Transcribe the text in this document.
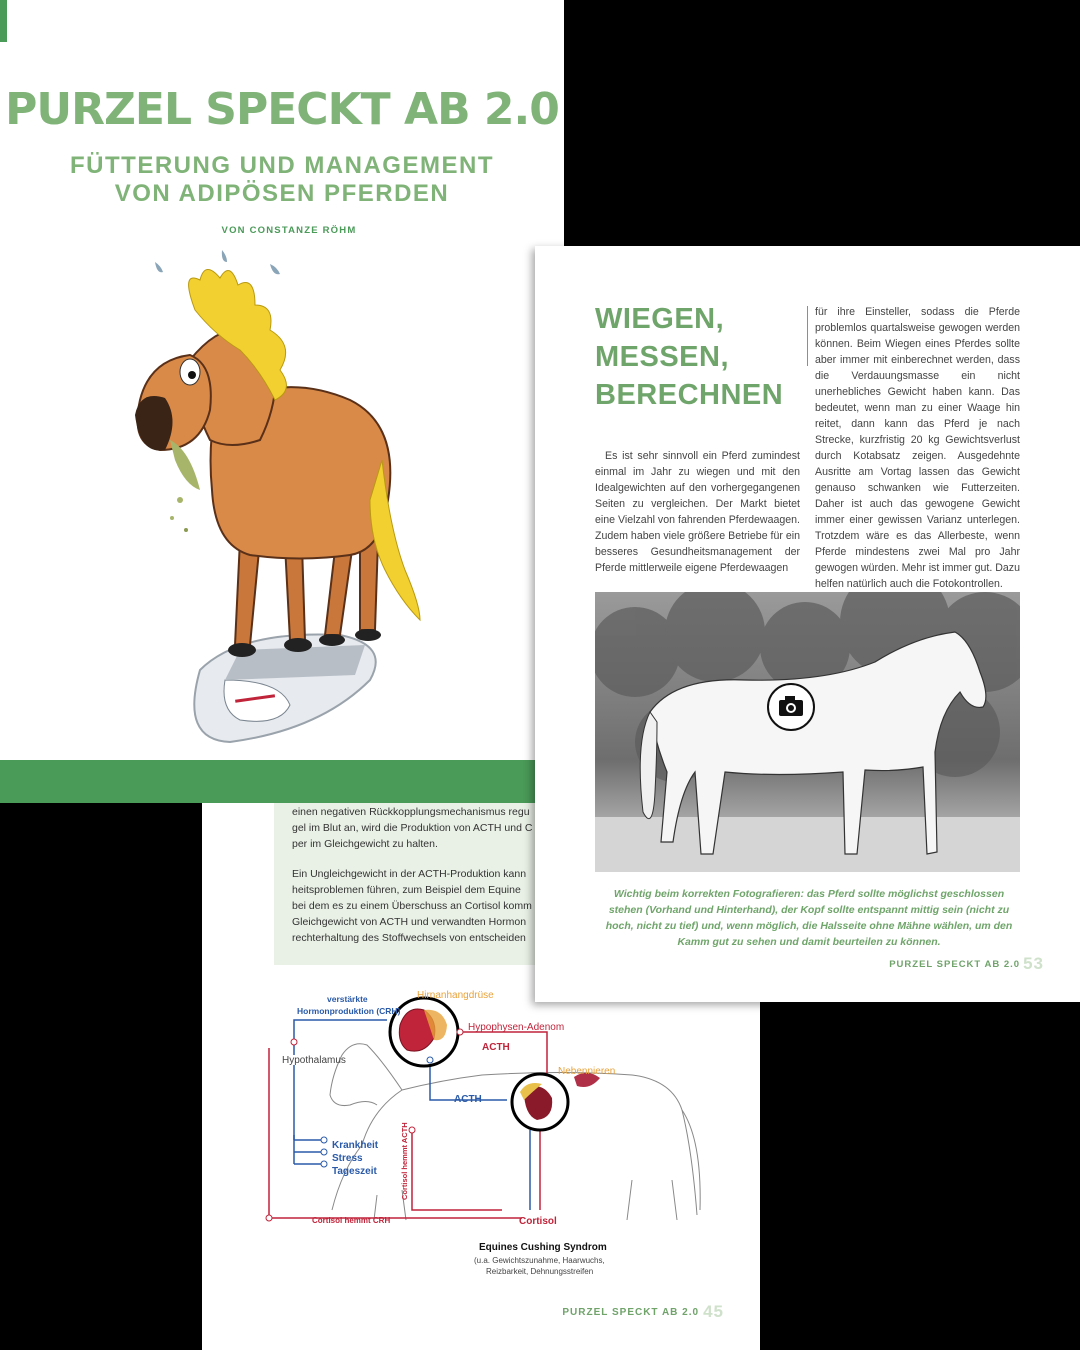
einen negativen Rückkopplungsmechanismus regu
gel im Blut an, wird die Produktion von ACTH und C
per im Gleichgewicht zu halten.

Ein Ungleichgewicht in der ACTH-Produktion kann
heitsproblemen führen, zum Beispiel dem Equine
bei dem es zu einem Überschuss an Cortisol komm
Gleichgewicht von ACTH und verwandten Hormon
rechterhaltung des Stoffwechsels von entscheiden

verstärkte
Hormonproduktion (CRH)
Hirnanhangdrüse
Hypophysen-Adenom
ACTH
Hypothalamus
Nebennieren
ACTH
Krankheit
Stress
Tageszeit	Cortisol hemmt ACTH
Cortisol hemmt CRH	Cortisol
Equines Cushing Syndrom
(u.a. Gewichtszunahme, Haarwuchs,
Reizbarkeit, Dehnungsstreifen
PURZEL SPECKT AB 2.0 45
PURZEL SPECKT AB 2.0
FÜTTERUNG UND MANAGEMENT
VON ADIPÖSEN PFERDEN
VON CONSTANZE RÖHM
WIEGEN,
MESSEN,
BERECHNEN
Es ist sehr sinnvoll ein Pferd zumindest einmal im Jahr zu wiegen und mit den Idealgewichten auf den vorhergegangenen Seiten zu vergleichen. Der Markt bietet eine Vielzahl von fahrenden Pferdewaagen. Zudem haben viele größere Betriebe für ein besseres Gesundheitsmanagement der Pferde mittlerweile eigene Pferdewaagen
für ihre Einsteller, sodass die Pferde problemlos quartalsweise gewogen werden können. Beim Wiegen eines Pferdes sollte aber immer mit einberechnet werden, dass die Verdauungsmasse ein nicht unerhebliches Gewicht haben kann. Das bedeutet, wenn man zu einer Waage hin reitet, dann kann das Pferd je nach Strecke, kurzfristig 20 kg Gewichtsverlust durch Kotabsatz zeigen. Ausgedehnte Ausritte am Vortag lassen das Gewicht genauso schwanken wie Futterzeiten. Daher ist auch das gewogene Gewicht immer einer gewissen Varianz unterlegen. Trotzdem wäre es das Allerbeste, wenn Pferde mindestens zwei Mal pro Jahr gewogen würden. Mehr ist immer gut. Dazu helfen natürlich auch die Fotokontrollen.
Wichtig beim korrekten Fotografieren: das Pferd sollte möglichst geschlossen stehen (Vorhand und Hinterhand), der Kopf sollte entspannt mittig sein (nicht zu hoch, nicht zu tief) und, wenn möglich, die Halsseite ohne Mähne wählen, um den Kamm gut zu sehen und damit beurteilen zu können.
PURZEL SPECKT AB 2.0 53
